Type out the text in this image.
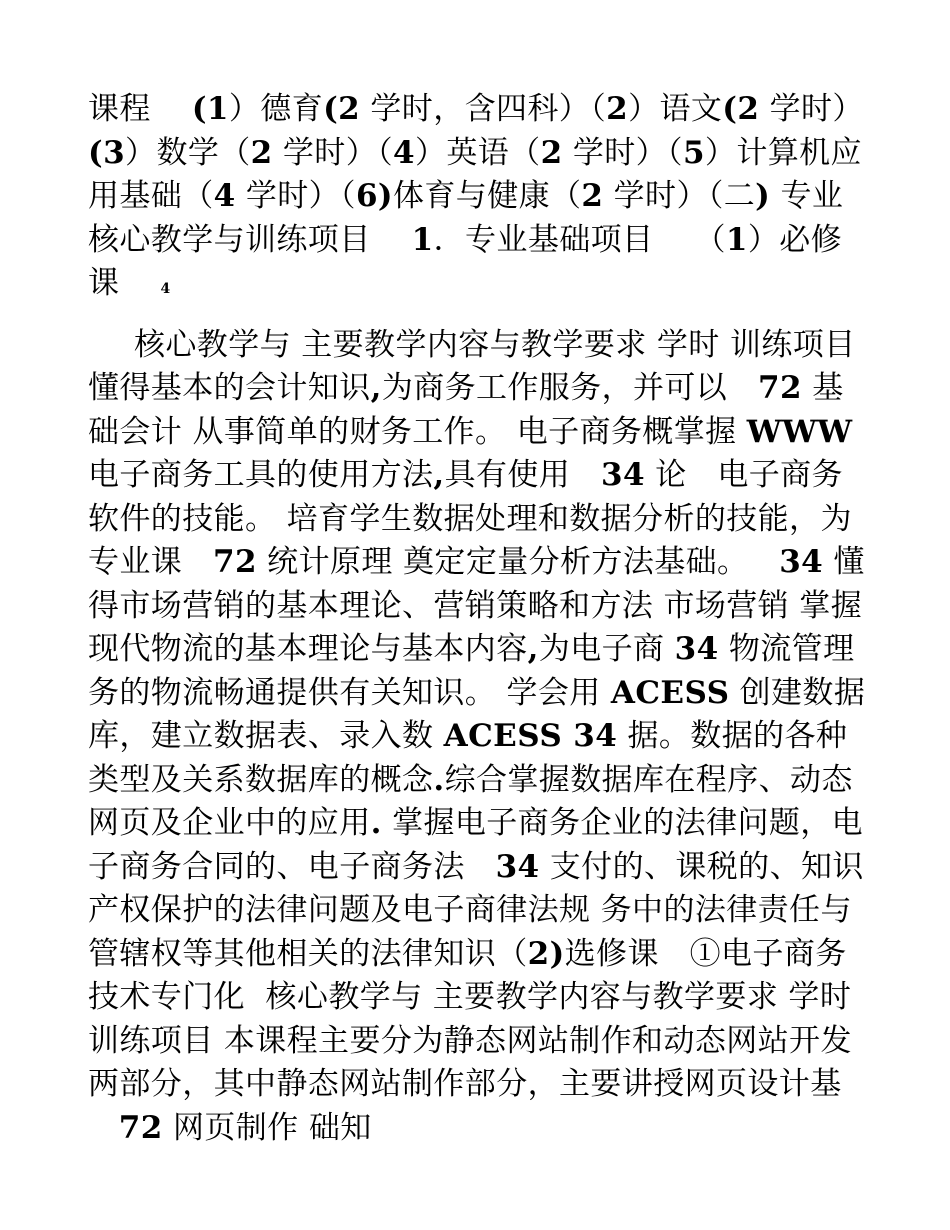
课程 (1）德育(2 学时，含四科）（2）语文(2 学时）(3）数学（2 学时）（4）英语（2 学时）（5）计算机应用基础（4 学时）（6)体育与健康（2 学时）（二) 专业核心教学与训练项目 1．专业基础项目 （1）必修课	4

核心教学与 主要教学内容与教学要求 学时 训练项目 懂得基本的会计知识,为商务工作服务，并可以 72 基础会计 从事简单的财务工作。 电子商务概掌握 WWW 电子商务工具的使用方法,具有使用 34 论 电子商务软件的技能。 培育学生数据处理和数据分析的技能，为专业课 72 统计原理 奠定定量分析方法基础。 34 懂得市场营销的基本理论、营销策略和方法 市场营销 掌握现代物流的基本理论与基本内容,为电子商 34 物流管理 务的物流畅通提供有关知识。 学会用 ACESS 创建数据库，建立数据表、录入数 ACESS 34 据。数据的各种类型及关系数据库的概念.综合掌握数据库在程序、动态网页及企业中的应用. 掌握电子商务企业的法律问题，电子商务合同的、电子商务法 34 支付的、课税的、知识产权保护的法律问题及电子商律法规 务中的法律责任与管辖权等其他相关的法律知识（2)选修课 ①电子商务技术专门化 核心教学与 主要教学内容与教学要求 学时 训练项目 本课程主要分为静态网站制作和动态网站开发两部分，其中静态网站制作部分，主要讲授网页设计基   72 网页制作 础知
